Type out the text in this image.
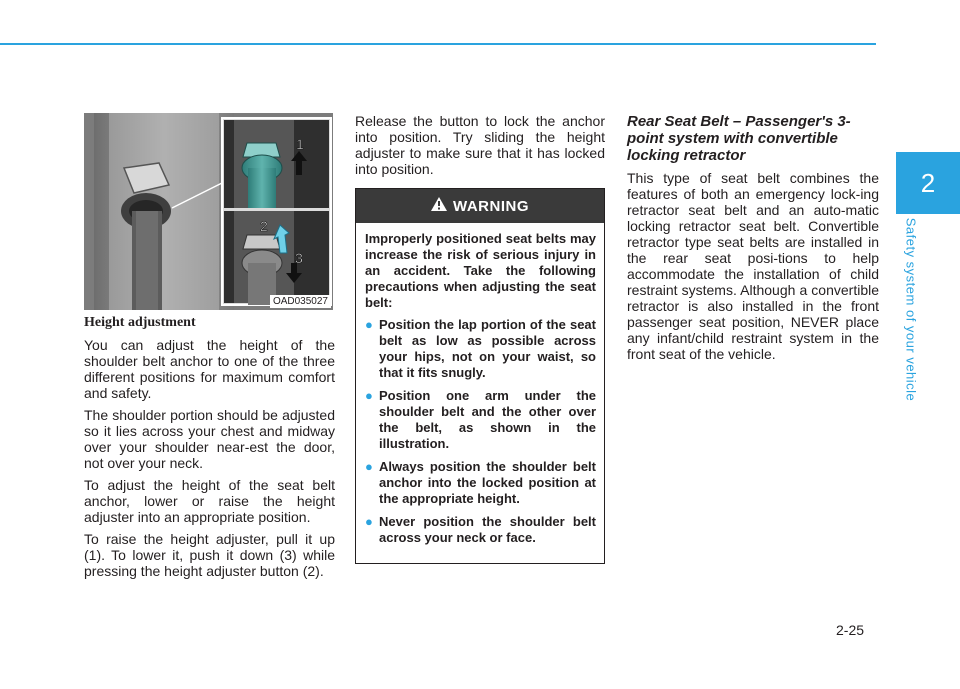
2
Safety system of your vehicle
1
2
3
OAD035027
Height adjustment

You can adjust the height of the shoulder belt anchor to one of the three different positions for maximum comfort and safety.

The shoulder portion should be adjusted so it lies across your chest and midway over your shoulder near-est the door, not over your neck.

To adjust the height of the seat belt anchor, lower or raise the height adjuster into an appropriate position.

To raise the height adjuster, pull it up (1). To lower it, push it down (3) while pressing the height adjuster button (2).

Release the button to lock the anchor into position. Try sliding the height adjuster to make sure that it has locked into position.

WARNING

Improperly positioned seat belts may increase the risk of serious injury in an accident. Take the following precautions when adjusting the seat belt:

● Position the lap portion of the seat belt as low as possible across your hips, not on your waist, so that it fits snugly.
● Position one arm under the shoulder belt and the other over the belt, as shown in the illustration.
● Always position the shoulder belt anchor into the locked position at the appropriate height.
● Never position the shoulder belt across your neck or face.
Rear Seat Belt – Passenger's 3-point system with convertible locking retractor

This type of seat belt combines the features of both an emergency lock-ing retractor seat belt and an auto-matic locking retractor seat belt. Convertible retractor type seat belts are installed in the rear seat posi-tions to help accommodate the installation of child restraint systems. Although a convertible retractor is also installed in the front passenger seat position, NEVER place any infant/child restraint system in the front seat of the vehicle.

2-25
